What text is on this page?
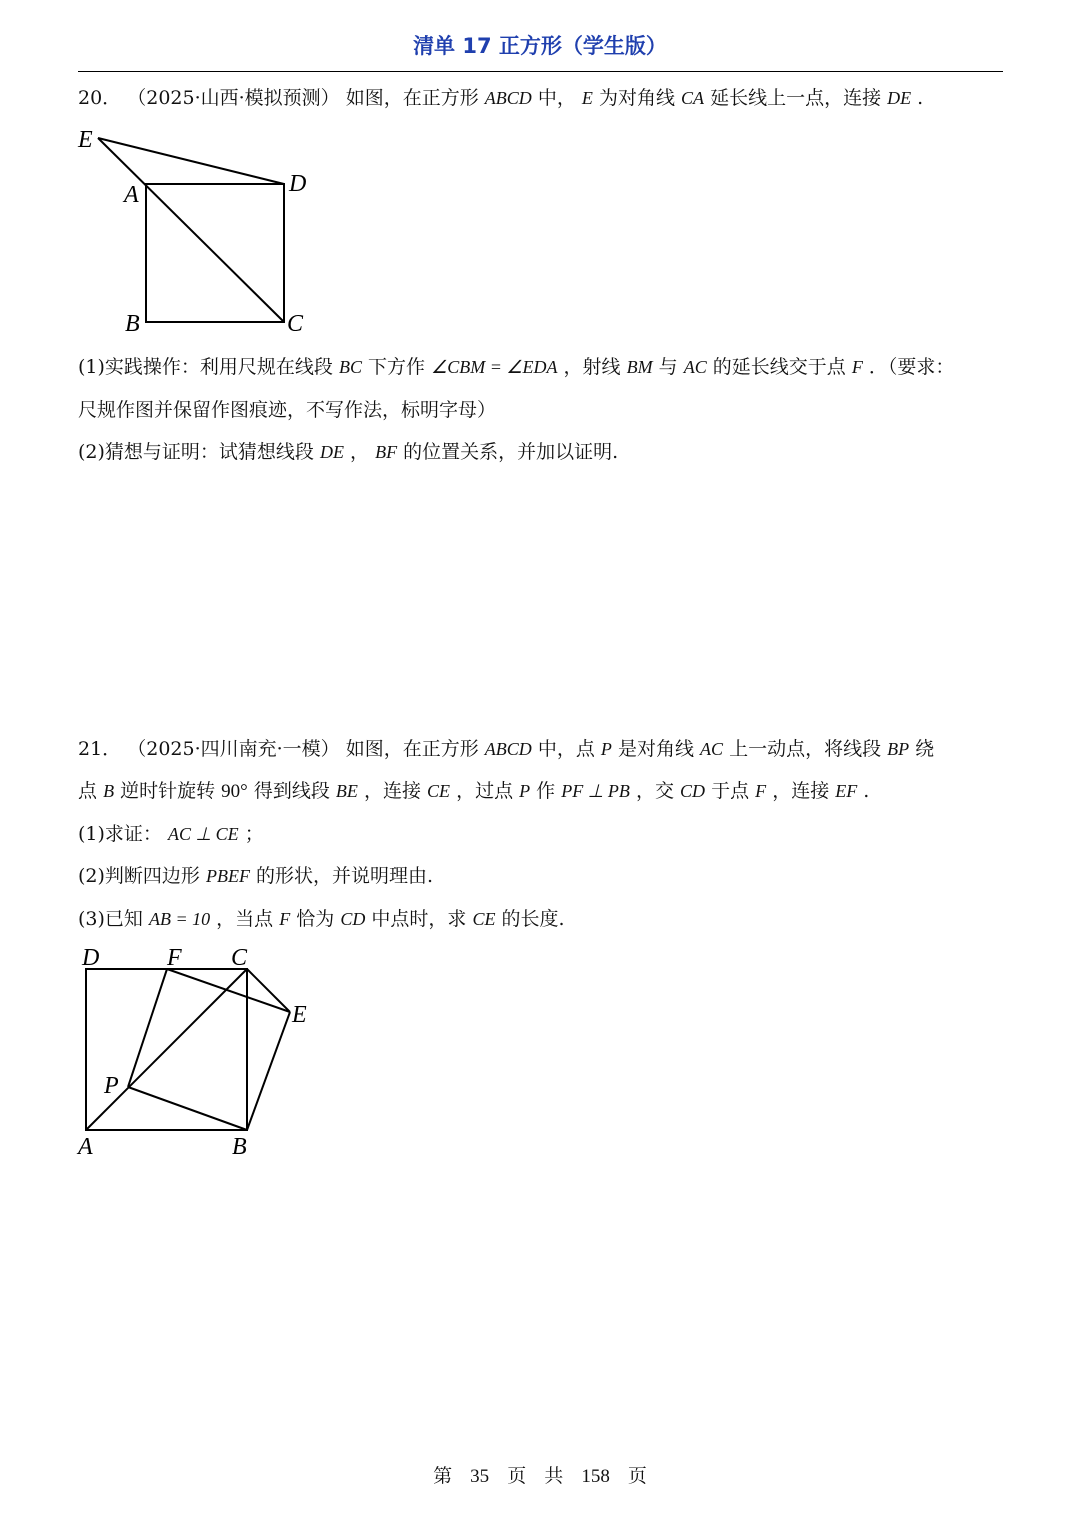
清单 17 正方形（学生版）
20． （2025·山西·模拟预测） 如图，在正方形 ABCD 中， E 为对角线 CA 延长线上一点，连接 DE .
E
A	D
B	C
(1)实践操作：利用尺规在线段 BC 下方作 ∠CBM = ∠EDA ，射线 BM 与 AC 的延长线交于点 F ．（要求：
尺规作图并保留作图痕迹，不写作法，标明字母）
(2)猜想与证明：试猜想线段 DE ， BF 的位置关系，并加以证明.
21． （2025·四川南充·一模） 如图，在正方形 ABCD 中，点 P 是对角线 AC 上一动点，将线段 BP 绕
点 B 逆时针旋转 90° 得到线段 BE ，连接 CE ，过点 P 作 PF ⊥ PB ，交 CD 于点 F ，连接 EF .
(1)求证： AC ⊥ CE ；
(2)判断四边形 PBEF 的形状，并说明理由.
(3)已知 AB = 10 ，当点 F 恰为 CD 中点时，求 CE 的长度.
D	F C
E
P
A	B
第 35 页 共 158 页
